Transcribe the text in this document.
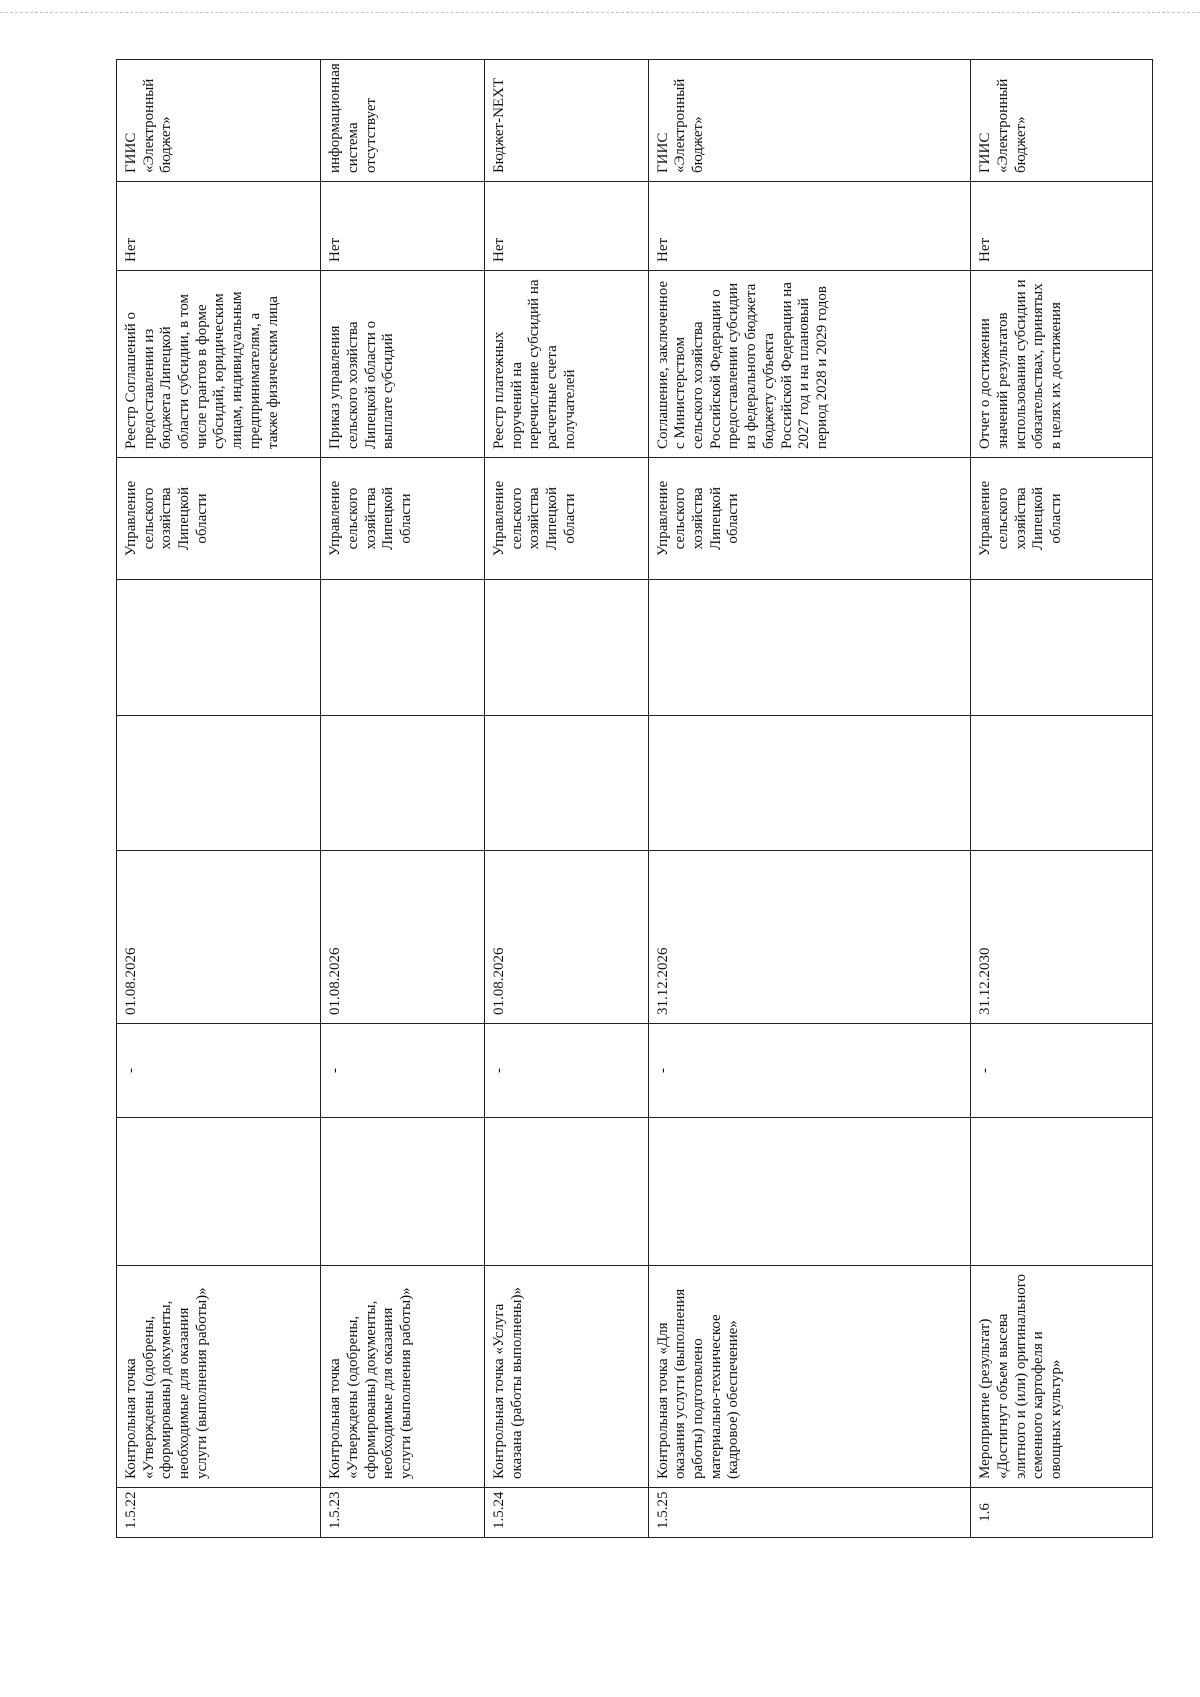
1.5.22	Контрольная точка «Утверждены (одобрены, сформированы) документы, необходимые для оказания услуги (выполнения работы)»		-	01.08.2026			Управление сельского хозяйства Липецкой области	Реестр Соглашений о предоставлении из бюджета Липецкой области субсидии, в том числе грантов в форме субсидий, юридическим лицам, индивидуальным предпринимателям, а также физическим лица	Нет	ГИИС «Электронный бюджет»
1.5.23	Контрольная точка «Утверждены (одобрены, сформированы) документы, необходимые для оказания услуги (выполнения работы)»		-	01.08.2026			Управление сельского хозяйства Липецкой области	Приказ управления сельского хозяйства Липецкой области о выплате субсидий	Нет	информационная система отсутствует
1.5.24	Контрольная точка «Услуга оказана (работы выполнены)»		-	01.08.2026			Управление сельского хозяйства Липецкой области	Реестр платежных поручений на перечисление субсидий на расчетные счета получателей	Нет	Бюджет-NEXT
1.5.25	Контрольная точка «Для оказания услуги (выполнения работы) подготовлено материально-техническое (кадровое) обеспечение»		-	31.12.2026			Управление сельского хозяйства Липецкой области	Соглашение, заключенное с Министерством сельского хозяйства Российской Федерации о предоставлении субсидии из федерального бюджета бюджету субъекта Российской Федерации на 2027 год и на плановый период 2028 и 2029 годов	Нет	ГИИС «Электронный бюджет»
1.6	Мероприятие (результат) «Достигнут объем высева элитного и (или) оригинального семенного картофеля и овощных культур»		-	31.12.2030			Управление сельского хозяйства Липецкой области	Отчет о достижении значений результатов использования субсидии и обязательствах, принятых в целях их достижения	Нет	ГИИС «Электронный бюджет»
